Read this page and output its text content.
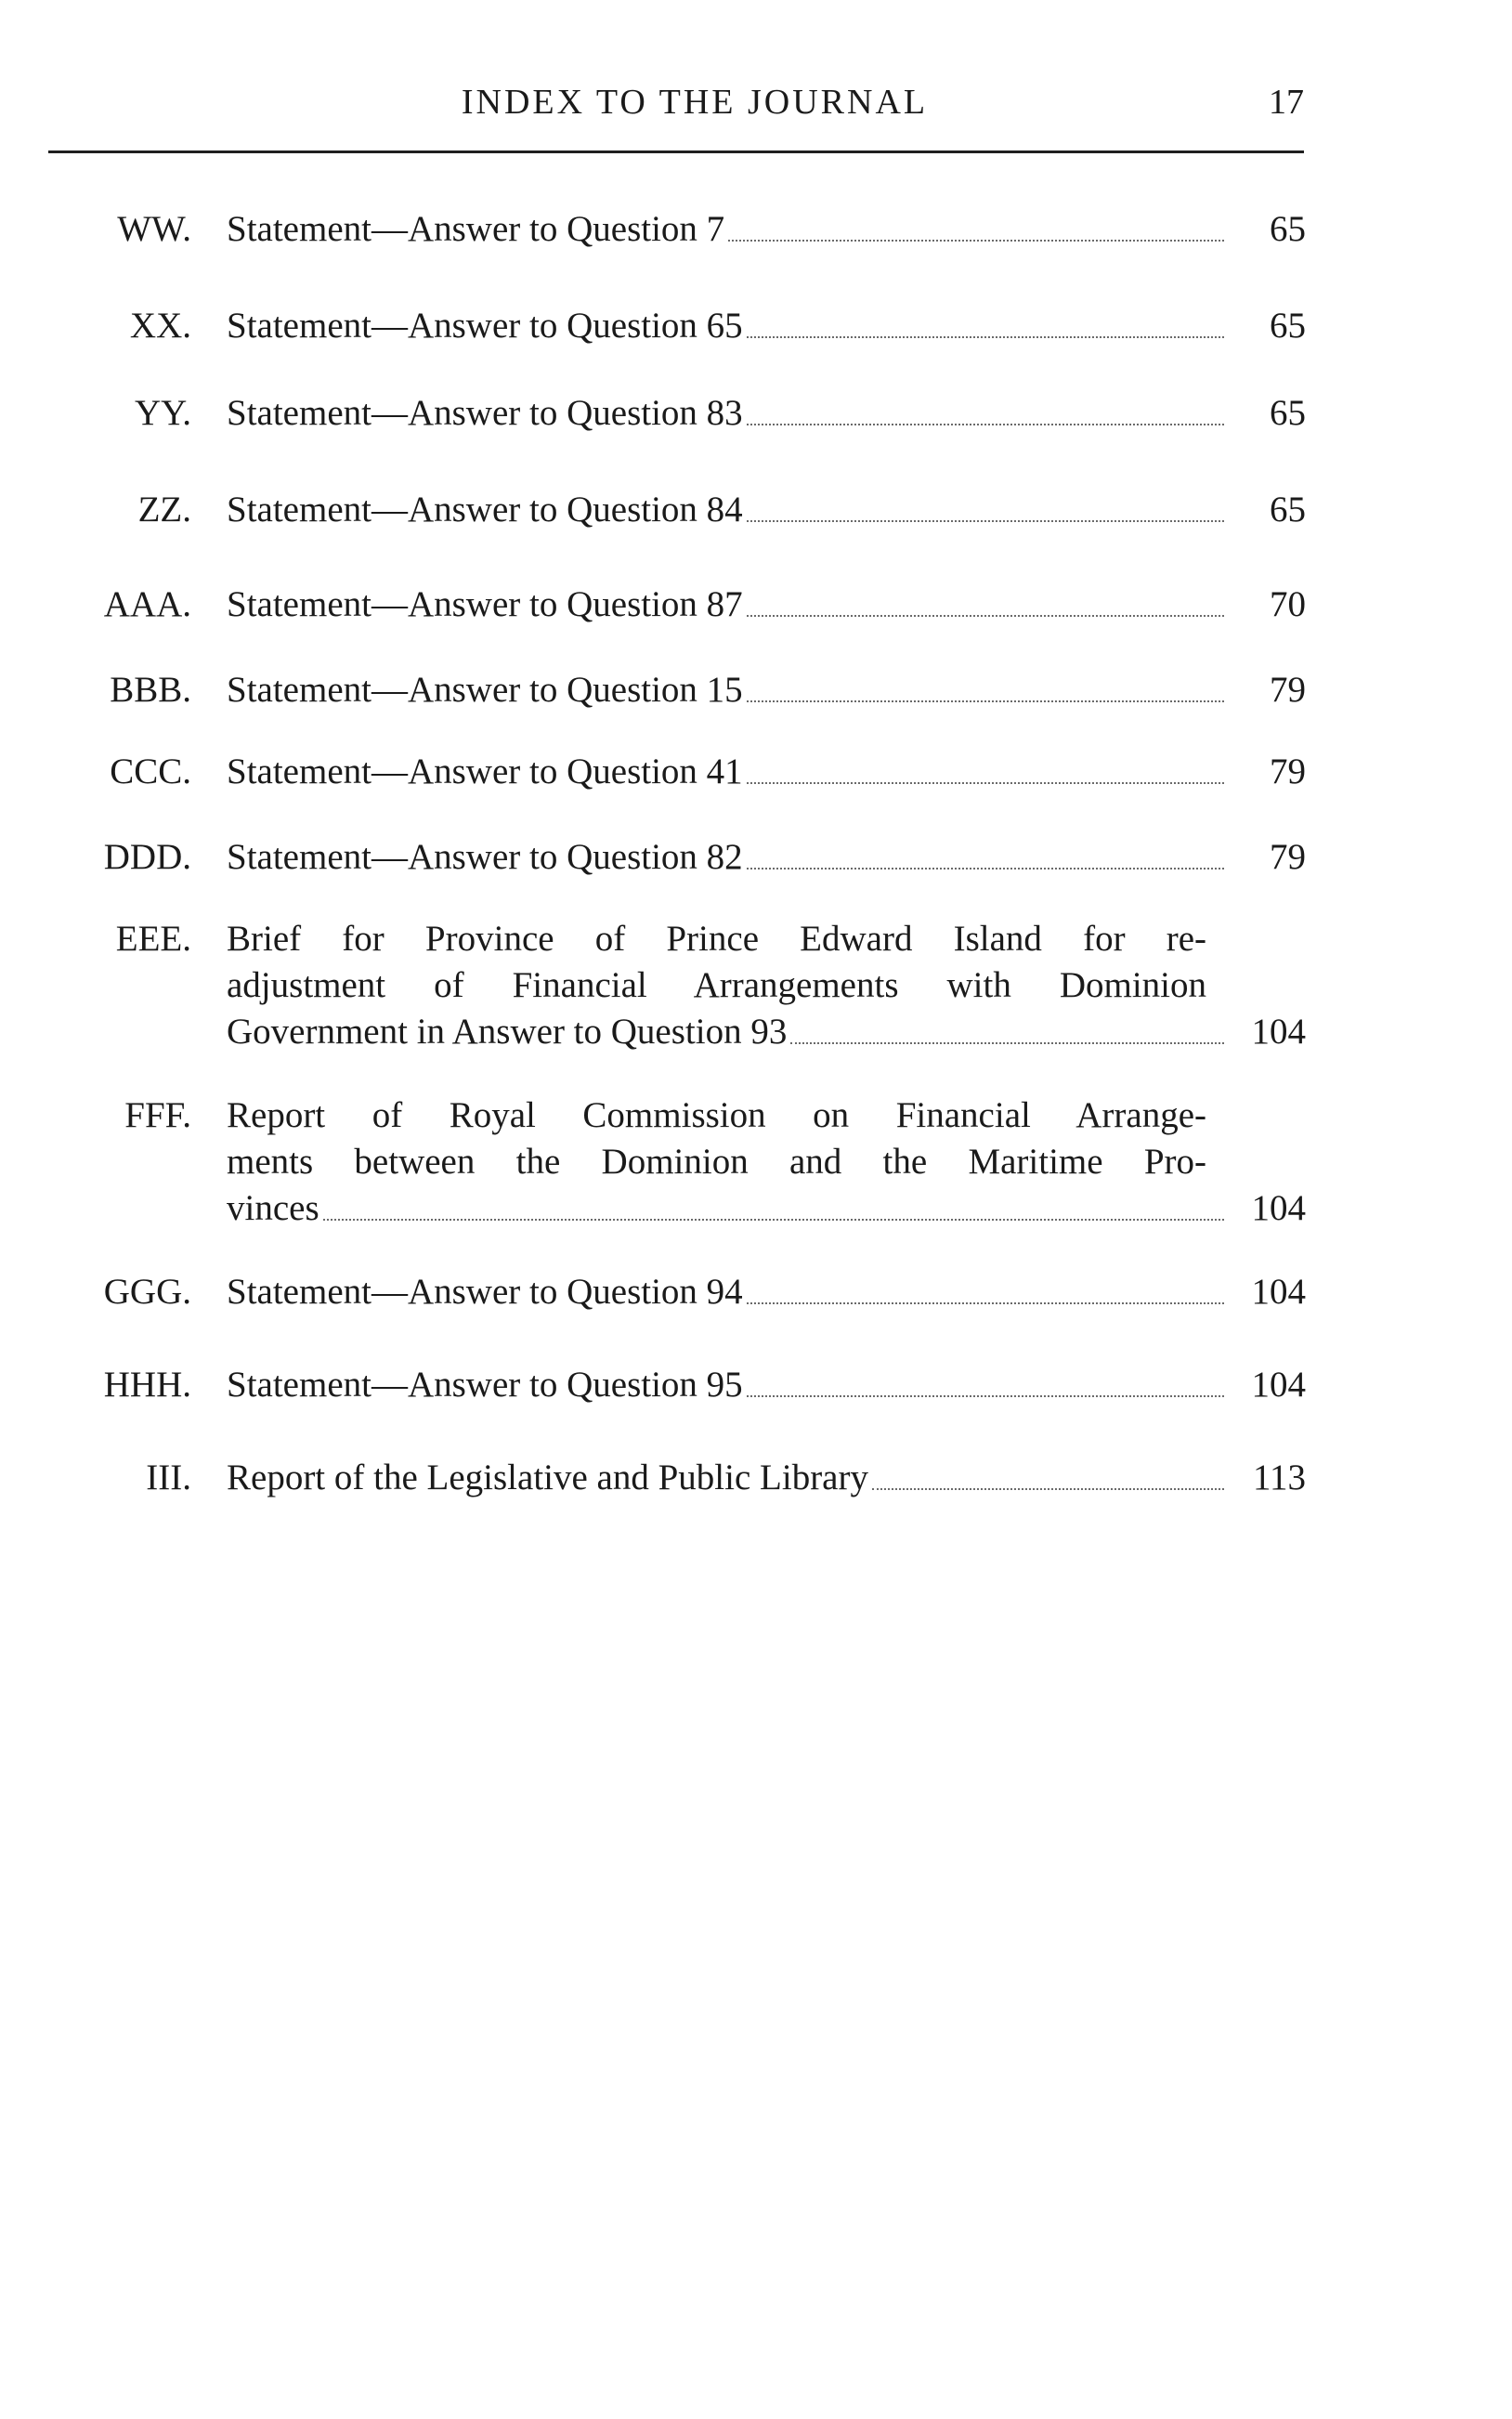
INDEX TO THE JOURNAL	17
WW. Statement—Answer to Question 7	65
XX. Statement—Answer to Question 65	65
YY. Statement—Answer to Question 83	65
ZZ. Statement—Answer to Question 84	65
AAA. Statement—Answer to Question 87	70
BBB. Statement—Answer to Question 15	79
CCC. Statement—Answer to Question 41	79
DDD. Statement—Answer to Question 82	79
EEE. Brief for Province of Prince Edward Island for re-
adjustment of Financial Arrangements with Dominion
Government in Answer to Question 93	104
FFF. Report of Royal Commission on Financial Arrange-
ments between the Dominion and the Maritime Pro-
vinces	104
GGG. Statement—Answer to Question 94	104
HHH. Statement—Answer to Question 95	104
III. Report of the Legislative and Public Library	113
